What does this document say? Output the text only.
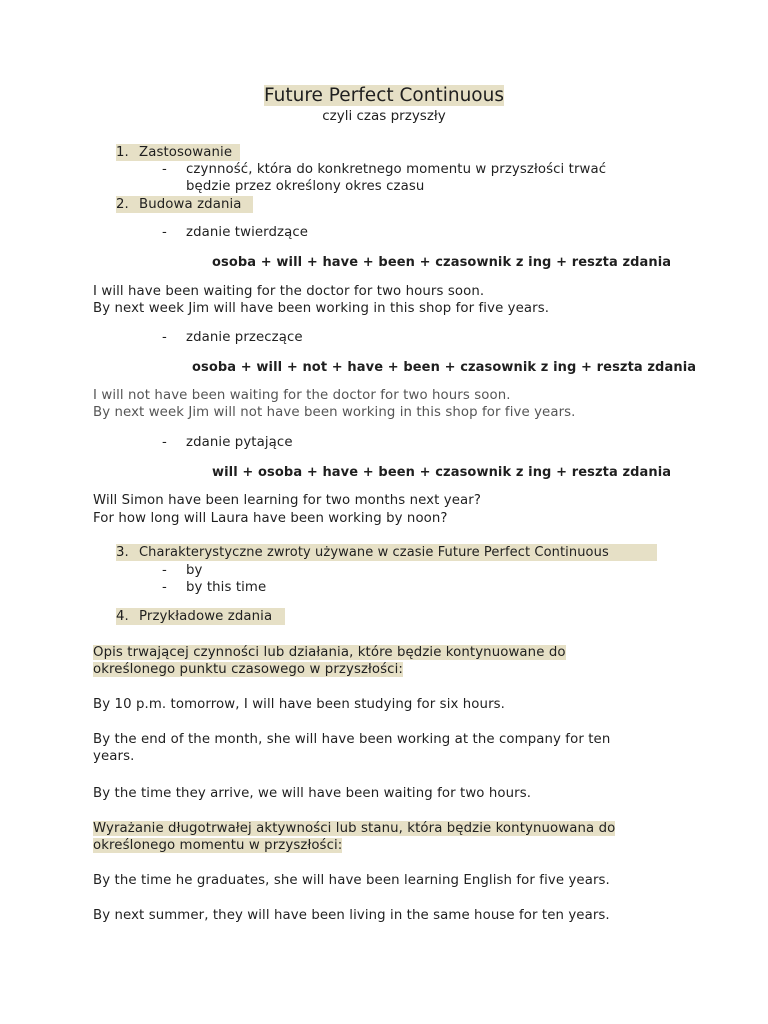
Future Perfect Continuous
czyli czas przyszły
1. Zastosowanie
- czynność, która do konkretnego momentu w przyszłości trwać
będzie przez określony okres czasu
2. Budowa zdania
- zdanie twierdzące
osoba + will + have + been + czasownik z ing + reszta zdania
I will have been waiting for the doctor for two hours soon.
By next week Jim will have been working in this shop for five years.
- zdanie przeczące
osoba + will + not + have + been + czasownik z ing + reszta zdania
I will not have been waiting for the doctor for two hours soon.
By next week Jim will not have been working in this shop for five years.
- zdanie pytające
will + osoba + have + been + czasownik z ing + reszta zdania
Will Simon have been learning for two months next year?
For how long will Laura have been working by noon?
3. Charakterystyczne zwroty używane w czasie Future Perfect Continuous
- by
- by this time
4. Przykładowe zdania
Opis trwającej czynności lub działania, które będzie kontynuowane do
określonego punktu czasowego w przyszłości:
By 10 p.m. tomorrow, I will have been studying for six hours.
By the end of the month, she will have been working at the company for ten
years.
By the time they arrive, we will have been waiting for two hours.
Wyrażanie długotrwałej aktywności lub stanu, która będzie kontynuowana do
określonego momentu w przyszłości:
By the time he graduates, she will have been learning English for five years.
By next summer, they will have been living in the same house for ten years.
